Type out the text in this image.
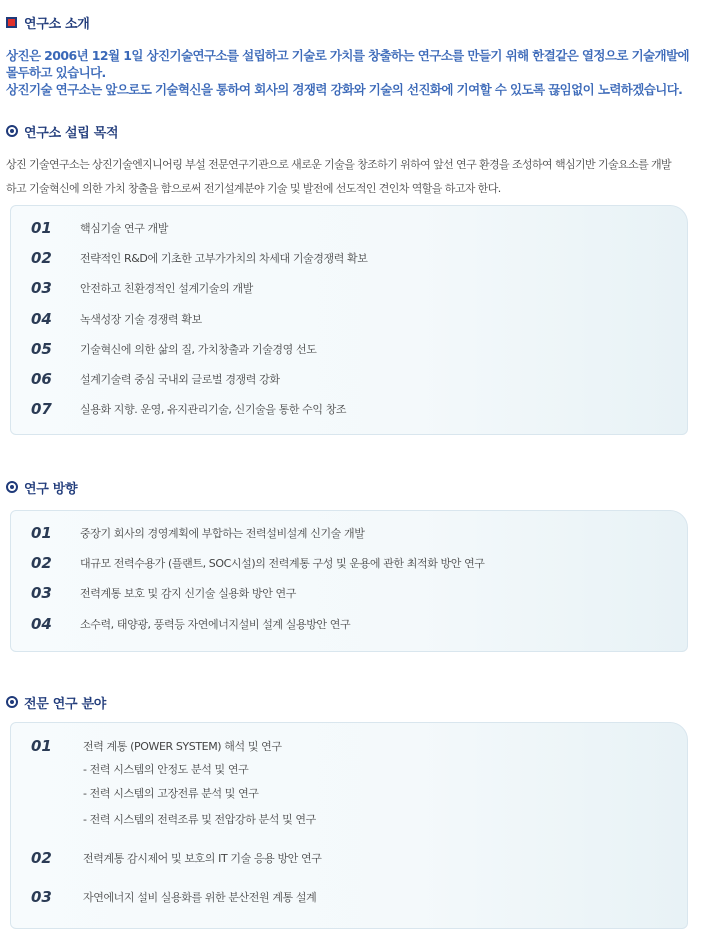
연구소 소개
상진은 2006년 12월 1일 상진기술연구소를 설립하고 기술로 가치를 창출하는 연구소를 만들기 위해 한결같은 열정으로 기술개발에
몰두하고 있습니다.
상진기술 연구소는 앞으로도 기술혁신을 통하여 회사의 경쟁력 강화와 기술의 선진화에 기여할 수 있도록 끊임없이 노력하겠습니다.
연구소 설립 목적
상진 기술연구소는 상진기술엔지니어링 부설 전문연구기관으로 새로운 기술을 창조하기 위하여 앞선 연구 환경을 조성하여 핵심기반 기술요소를 개발
하고 기술혁신에 의한 가치 창출을 함으로써 전기설계분야 기술 및 발전에 선도적인 견인차 역할을 하고자 한다.
01	핵심기술 연구 개발
02	전략적인 R&D에 기초한 고부가가치의 차세대 기술경쟁력 확보
03	안전하고 친환경적인 설계기술의 개발
04	녹색성장 기술 경쟁력 확보
05	기술혁신에 의한 삶의 질, 가치창출과 기술경영 선도
06	설계기술력 중심 국내외 글로벌 경쟁력 강화
07	실용화 지향. 운영, 유지관리기술, 신기술을 통한 수익 창조
연구 방향
01	중장기 회사의 경영계획에 부합하는 전력설비설계 신기술 개발
02	대규모 전력수용가 (플랜트, SOC시설)의 전력계통 구성 및 운용에 관한 최적화 방안 연구
03	전력계통 보호 및 감지 신기술 실용화 방안 연구
04	소수력, 태양광, 풍력등 자연에너지설비 설계 실용방안 연구
전문 연구 분야
01	전력 계통 (POWER SYSTEM) 해석 및 연구
- 전력 시스템의 안정도 분석 및 연구
- 전력 시스템의 고장전류 분석 및 연구
- 전력 시스템의 전력조류 및 전압강하 분석 및 연구
02	전력계통 감시제어 및 보호의 IT 기술 응용 방안 연구
03	자연에너지 설비 실용화를 위한 분산전원 계통 설계
